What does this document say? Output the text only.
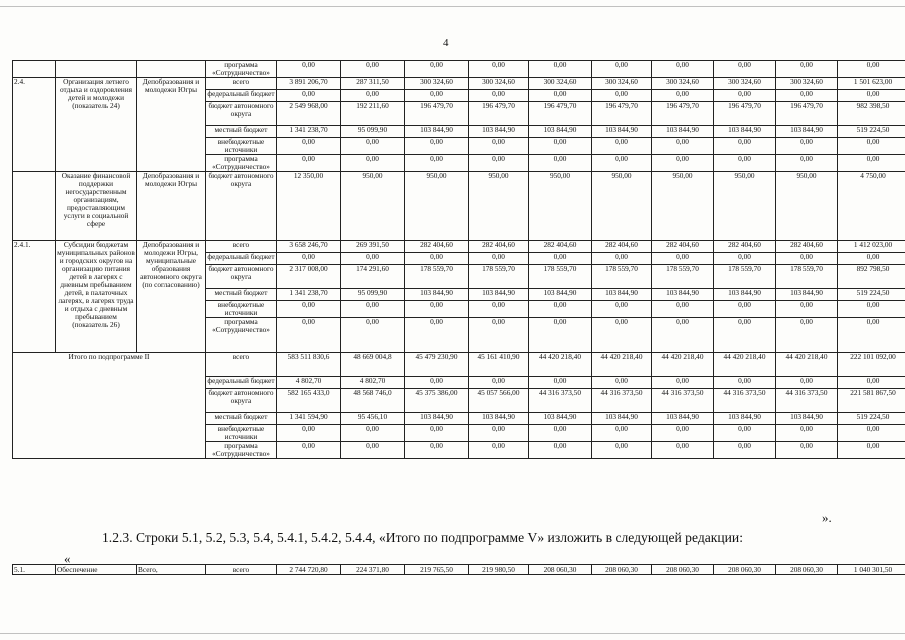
4
			программа «Сотрудничество»	0,00	0,00	0,00	0,00	0,00	0,00	0,00	0,00	0,00	0,00
2.4.	Организация летнего отдыха и оздоровления детей и молодежи (показатель 24)	Депобразования и молодежи Югры	всего	3 891 206,70	287 311,50	300 324,60	300 324,60	300 324,60	300 324,60	300 324,60	300 324,60	300 324,60	1 501 623,00
			федеральный бюджет	0,00	0,00	0,00	0,00	0,00	0,00	0,00	0,00	0,00	0,00
			бюджет автономного округа	2 549 968,00	192 211,60	196 479,70	196 479,70	196 479,70	196 479,70	196 479,70	196 479,70	196 479,70	982 398,50
			местный бюджет	1 341 238,70	95 099,90	103 844,90	103 844,90	103 844,90	103 844,90	103 844,90	103 844,90	103 844,90	519 224,50
			внебюджетные источники	0,00	0,00	0,00	0,00	0,00	0,00	0,00	0,00	0,00	0,00
			программа «Сотрудничество»	0,00	0,00	0,00	0,00	0,00	0,00	0,00	0,00	0,00	0,00
	Оказание финансовой поддержки негосударственным организациям, предоставляющим услуги в социальной сфере	Депобразования и молодежи Югры	бюджет автономного округа	12 350,00	950,00	950,00	950,00	950,00	950,00	950,00	950,00	950,00	4 750,00
2.4.1.	Субсидии бюджетам муниципальных районов и городских округов на организацию питания детей в лагерях с дневным пребыванием детей, в палаточных лагерях, в лагерях труда и отдыха с дневным пребыванием (показатель 26)	Депобразования и молодежи Югры, муниципальные образования автономного округа (по согласованию)	всего	3 658 246,70	269 391,50	282 404,60	282 404,60	282 404,60	282 404,60	282 404,60	282 404,60	282 404,60	1 412 023,00
			федеральный бюджет	0,00	0,00	0,00	0,00	0,00	0,00	0,00	0,00	0,00	0,00
			бюджет автономного округа	2 317 008,00	174 291,60	178 559,70	178 559,70	178 559,70	178 559,70	178 559,70	178 559,70	178 559,70	892 798,50
			местный бюджет	1 341 238,70	95 099,90	103 844,90	103 844,90	103 844,90	103 844,90	103 844,90	103 844,90	103 844,90	519 224,50
			внебюджетные источники	0,00	0,00	0,00	0,00	0,00	0,00	0,00	0,00	0,00	0,00
			программа «Сотрудничество»	0,00	0,00	0,00	0,00	0,00	0,00	0,00	0,00	0,00	0,00
Итого по подпрограмме II			всего	583 511 830,6	48 669 004,8	45 479 230,90	45 161 410,90	44 420 218,40	44 420 218,40	44 420 218,40	44 420 218,40	44 420 218,40	222 101 092,00
			федеральный бюджет	4 802,70	4 802,70	0,00	0,00	0,00	0,00	0,00	0,00	0,00	0,00
			бюджет автономного округа	582 165 433,0	48 568 746,0	45 375 386,00	45 057 566,00	44 316 373,50	44 316 373,50	44 316 373,50	44 316 373,50	44 316 373,50	221 581 867,50
			местный бюджет	1 341 594,90	95 456,10	103 844,90	103 844,90	103 844,90	103 844,90	103 844,90	103 844,90	103 844,90	519 224,50
			внебюджетные источники	0,00	0,00	0,00	0,00	0,00	0,00	0,00	0,00	0,00	0,00
			программа «Сотрудничество»	0,00	0,00	0,00	0,00	0,00	0,00	0,00	0,00	0,00	0,00
».
1.2.3. Строки 5.1, 5.2, 5.3, 5.4, 5.4.1, 5.4.2, 5.4.4, «Итого по подпрограмме V» изложить в следующей редакции:
«
5.1.	Обеспечение	Всего,	всего	2 744 720,80	224 371,80	219 765,50	219 980,50	208 060,30	208 060,30	208 060,30	208 060,30	208 060,30	1 040 301,50
